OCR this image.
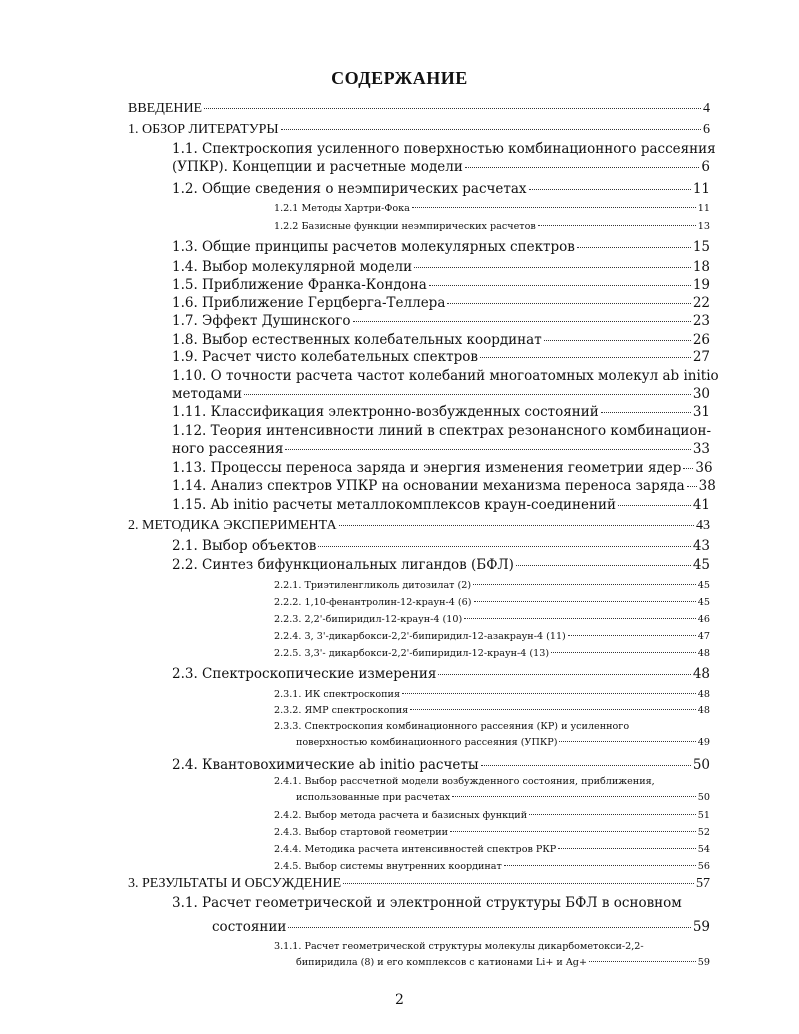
СОДЕРЖАНИЕ
ВВЕДЕНИЕ	4
1. ОБЗОР ЛИТЕРАТУРЫ	6
1.1. Спектроскопия усиленного поверхностью комбинационного рассеяния
(УПКР). Концепции и расчетные модели	6
1.2. Общие сведения о неэмпирических расчетах	11
1.2.1 Методы Хартри-Фока	11
1.2.2 Базисные функции неэмпирических расчетов	13
1.3. Общие принципы расчетов молекулярных спектров	15
1.4. Выбор молекулярной модели	18
1.5. Приближение Франка-Кондона	19
1.6. Приближение Герцберга-Теллера	22
1.7. Эффект Душинского	23
1.8. Выбор естественных колебательных координат	26
1.9. Расчет чисто колебательных спектров	27
1.10. О точности расчета частот колебаний многоатомных молекул ab initio
методами	30
1.11. Классификация электронно-возбужденных состояний	31
1.12. Теория интенсивности линий в спектрах резонансного комбинацион-
ного рассеяния	33
1.13. Процессы переноса заряда и энергия изменения геометрии ядер 36
1.14. Анализ спектров УПКР на основании механизма переноса заряда 38
1.15. Ab initio расчеты металлокомплексов краун-соединений	41
2. МЕТОДИКА ЭКСПЕРИМЕНТА	43
2.1. Выбор объектов	43
2.2. Синтез бифункциональных лигандов (БФЛ)	45
2.2.1. Триэтиленгликоль дитозилат (2)	45
2.2.2. 1,10-фенантролин-12-краун-4 (6)	45
2.2.3. 2,2'-бипиридил-12-краун-4 (10)	46
2.2.4. 3, 3'-дикарбокси-2,2'-бипиридил-12-азакраун-4 (11)	47
2.2.5. 3,3'- дикарбокси-2,2'-бипиридил-12-краун-4 (13)	48
2.3. Спектроскопические измерения	48
2.3.1. ИК спектроскопия	48
2.3.2. ЯМР спектроскопия	48
2.3.3. Спектроскопия комбинационного рассеяния (КР) и усиленного
поверхностью комбинационного рассеяния (УПКР)	49
2.4. Квантовохимические ab initio расчеты	50
2.4.1. Выбор рассчетной модели возбужденного состояния, приближения,
использованные при расчетах	50
2.4.2. Выбор метода расчета и базисных функций	51
2.4.3. Выбор стартовой геометрии	52
2.4.4. Методика расчета интенсивностей спектров РКР	54
2.4.5. Выбор системы внутренних координат	56
3. РЕЗУЛЬТАТЫ И ОБСУЖДЕНИЕ	57
3.1. Расчет геометрической и электронной структуры БФЛ в основном
состоянии	59
3.1.1. Расчет геометрической структуры молекулы дикарбометокси-2,2-
бипиридила (8) и его комплексов с катионами Li+ и Ag+	59
2
